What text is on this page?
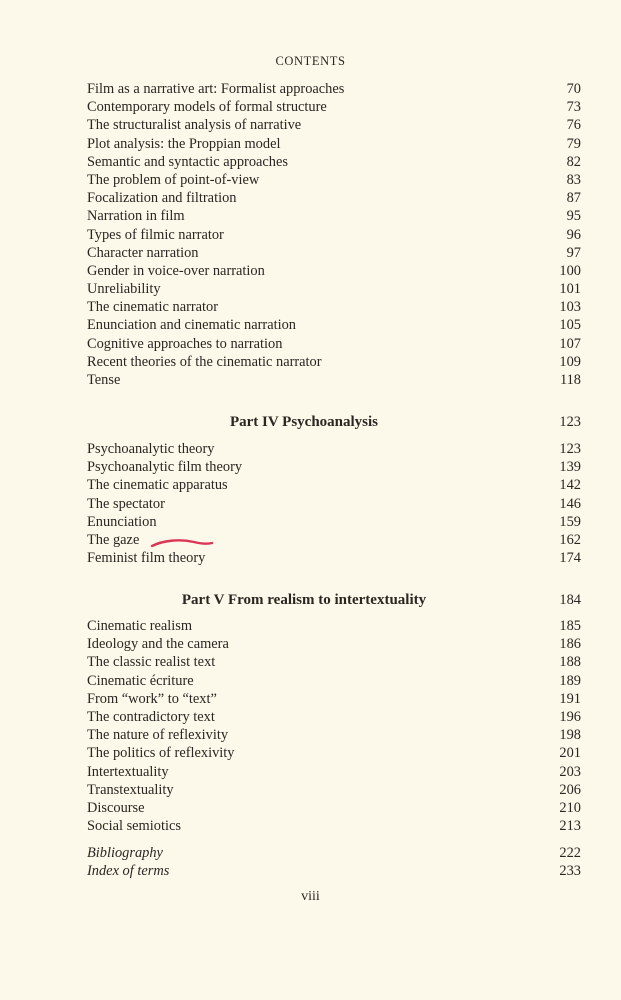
CONTENTS
Film as a narrative art: Formalist approaches	70
Contemporary models of formal structure	73
The structuralist analysis of narrative	76
Plot analysis: the Proppian model	79
Semantic and syntactic approaches	82
The problem of point-of-view	83
Focalization and filtration	87
Narration in film	95
Types of filmic narrator	96
Character narration	97
Gender in voice-over narration	100
Unreliability	101
The cinematic narrator	103
Enunciation and cinematic narration	105
Cognitive approaches to narration	107
Recent theories of the cinematic narrator	109
Tense	118
Part IV Psychoanalysis	123
Psychoanalytic theory	123
Psychoanalytic film theory	139
The cinematic apparatus	142
The spectator	146
Enunciation	159
The gaze	162
Feminist film theory	174
Part V From realism to intertextuality	184
Cinematic realism	185
Ideology and the camera	186
The classic realist text	188
Cinematic écriture	189
From “work” to “text”	191
The contradictory text	196
The nature of reflexivity	198
The politics of reflexivity	201
Intertextuality	203
Transtextuality	206
Discourse	210
Social semiotics	213
Bibliography	222
Index of terms	233
viii
